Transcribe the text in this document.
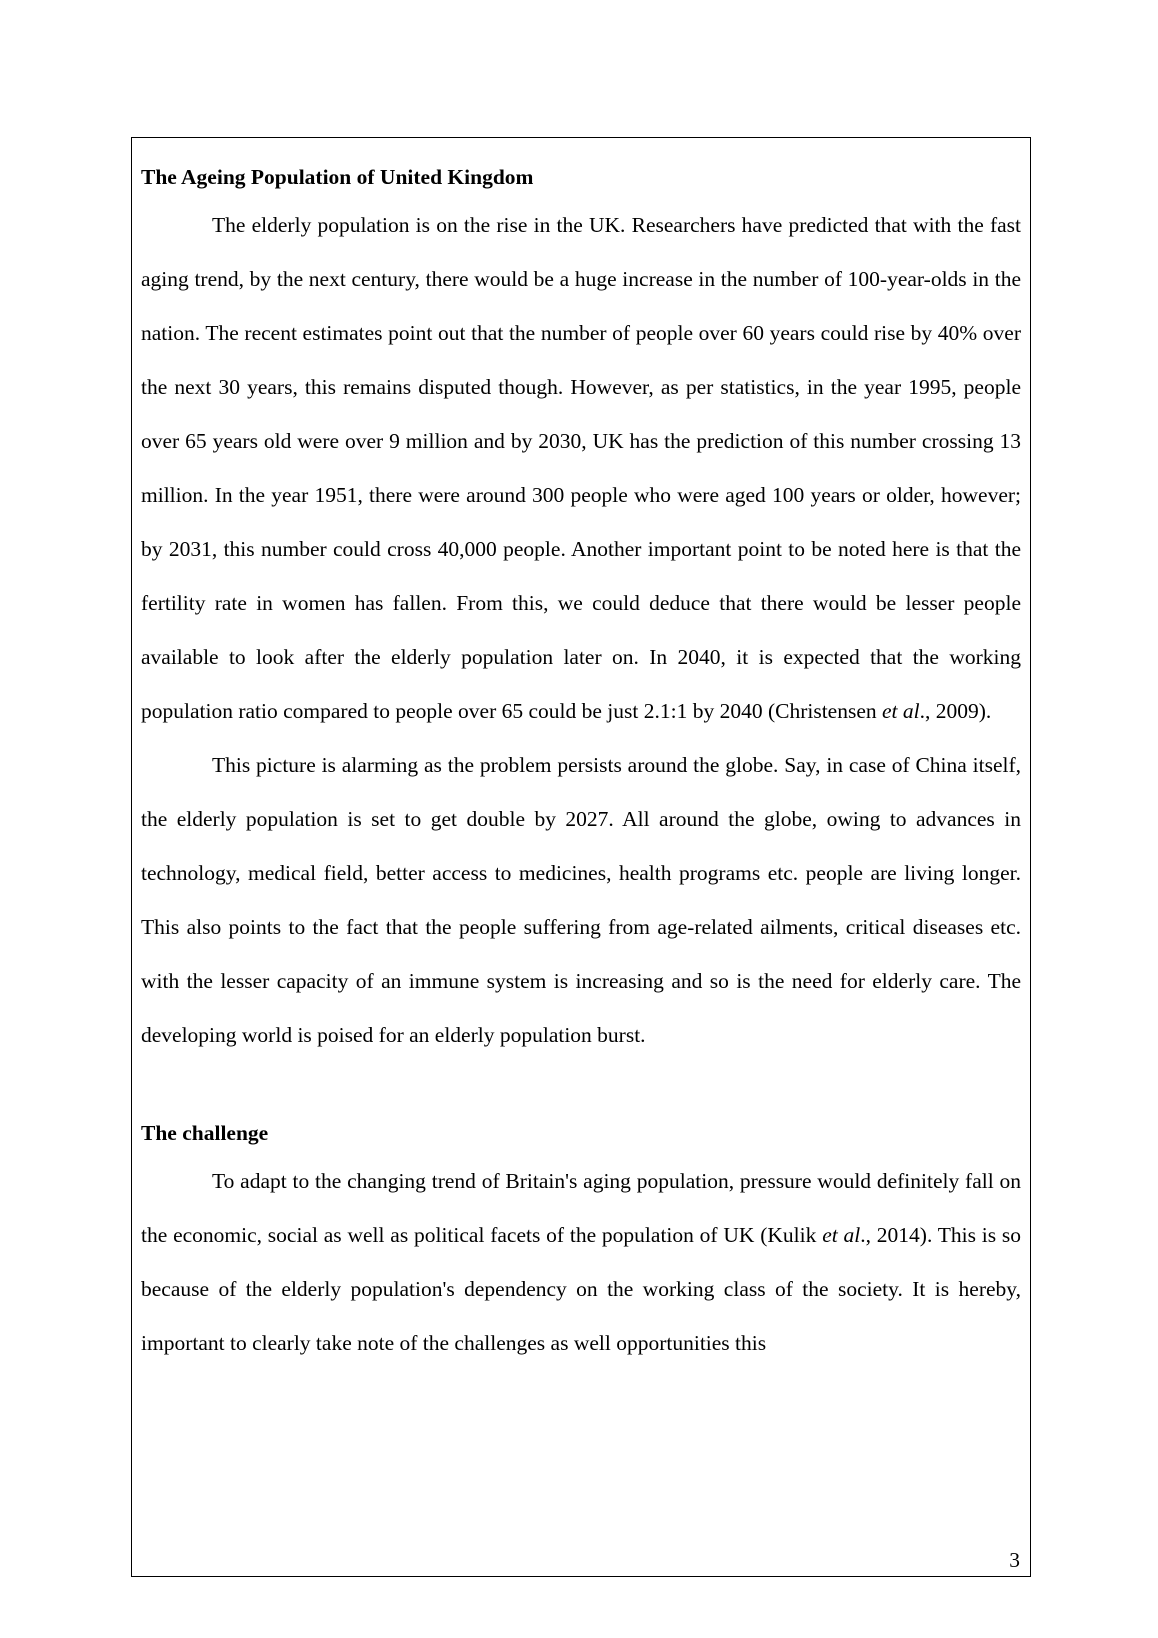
The Ageing Population of United Kingdom

The elderly population is on the rise in the UK. Researchers have predicted that with the fast aging trend, by the next century, there would be a huge increase in the number of 100-year-olds in the nation. The recent estimates point out that the number of people over 60 years could rise by 40% over the next 30 years, this remains disputed though. However, as per statistics, in the year 1995, people over 65 years old were over 9 million and by 2030, UK has the prediction of this number crossing 13 million. In the year 1951, there were around 300 people who were aged 100 years or older, however; by 2031, this number could cross 40,000 people. Another important point to be noted here is that the fertility rate in women has fallen. From this, we could deduce that there would be lesser people available to look after the elderly population later on. In 2040, it is expected that the working population ratio compared to people over 65 could be just 2.1:1 by 2040 (Christensen et al., 2009).

This picture is alarming as the problem persists around the globe. Say, in case of China itself, the elderly population is set to get double by 2027. All around the globe, owing to advances in technology, medical field, better access to medicines, health programs etc. people are living longer. This also points to the fact that the people suffering from age-related ailments, critical diseases etc. with the lesser capacity of an immune system is increasing and so is the need for elderly care. The developing world is poised for an elderly population burst.

The challenge

To adapt to the changing trend of Britain's aging population, pressure would definitely fall on the economic, social as well as political facets of the population of UK (Kulik et al., 2014). This is so because of the elderly population's dependency on the working class of the society. It is hereby, important to clearly take note of the challenges as well opportunities this

3
